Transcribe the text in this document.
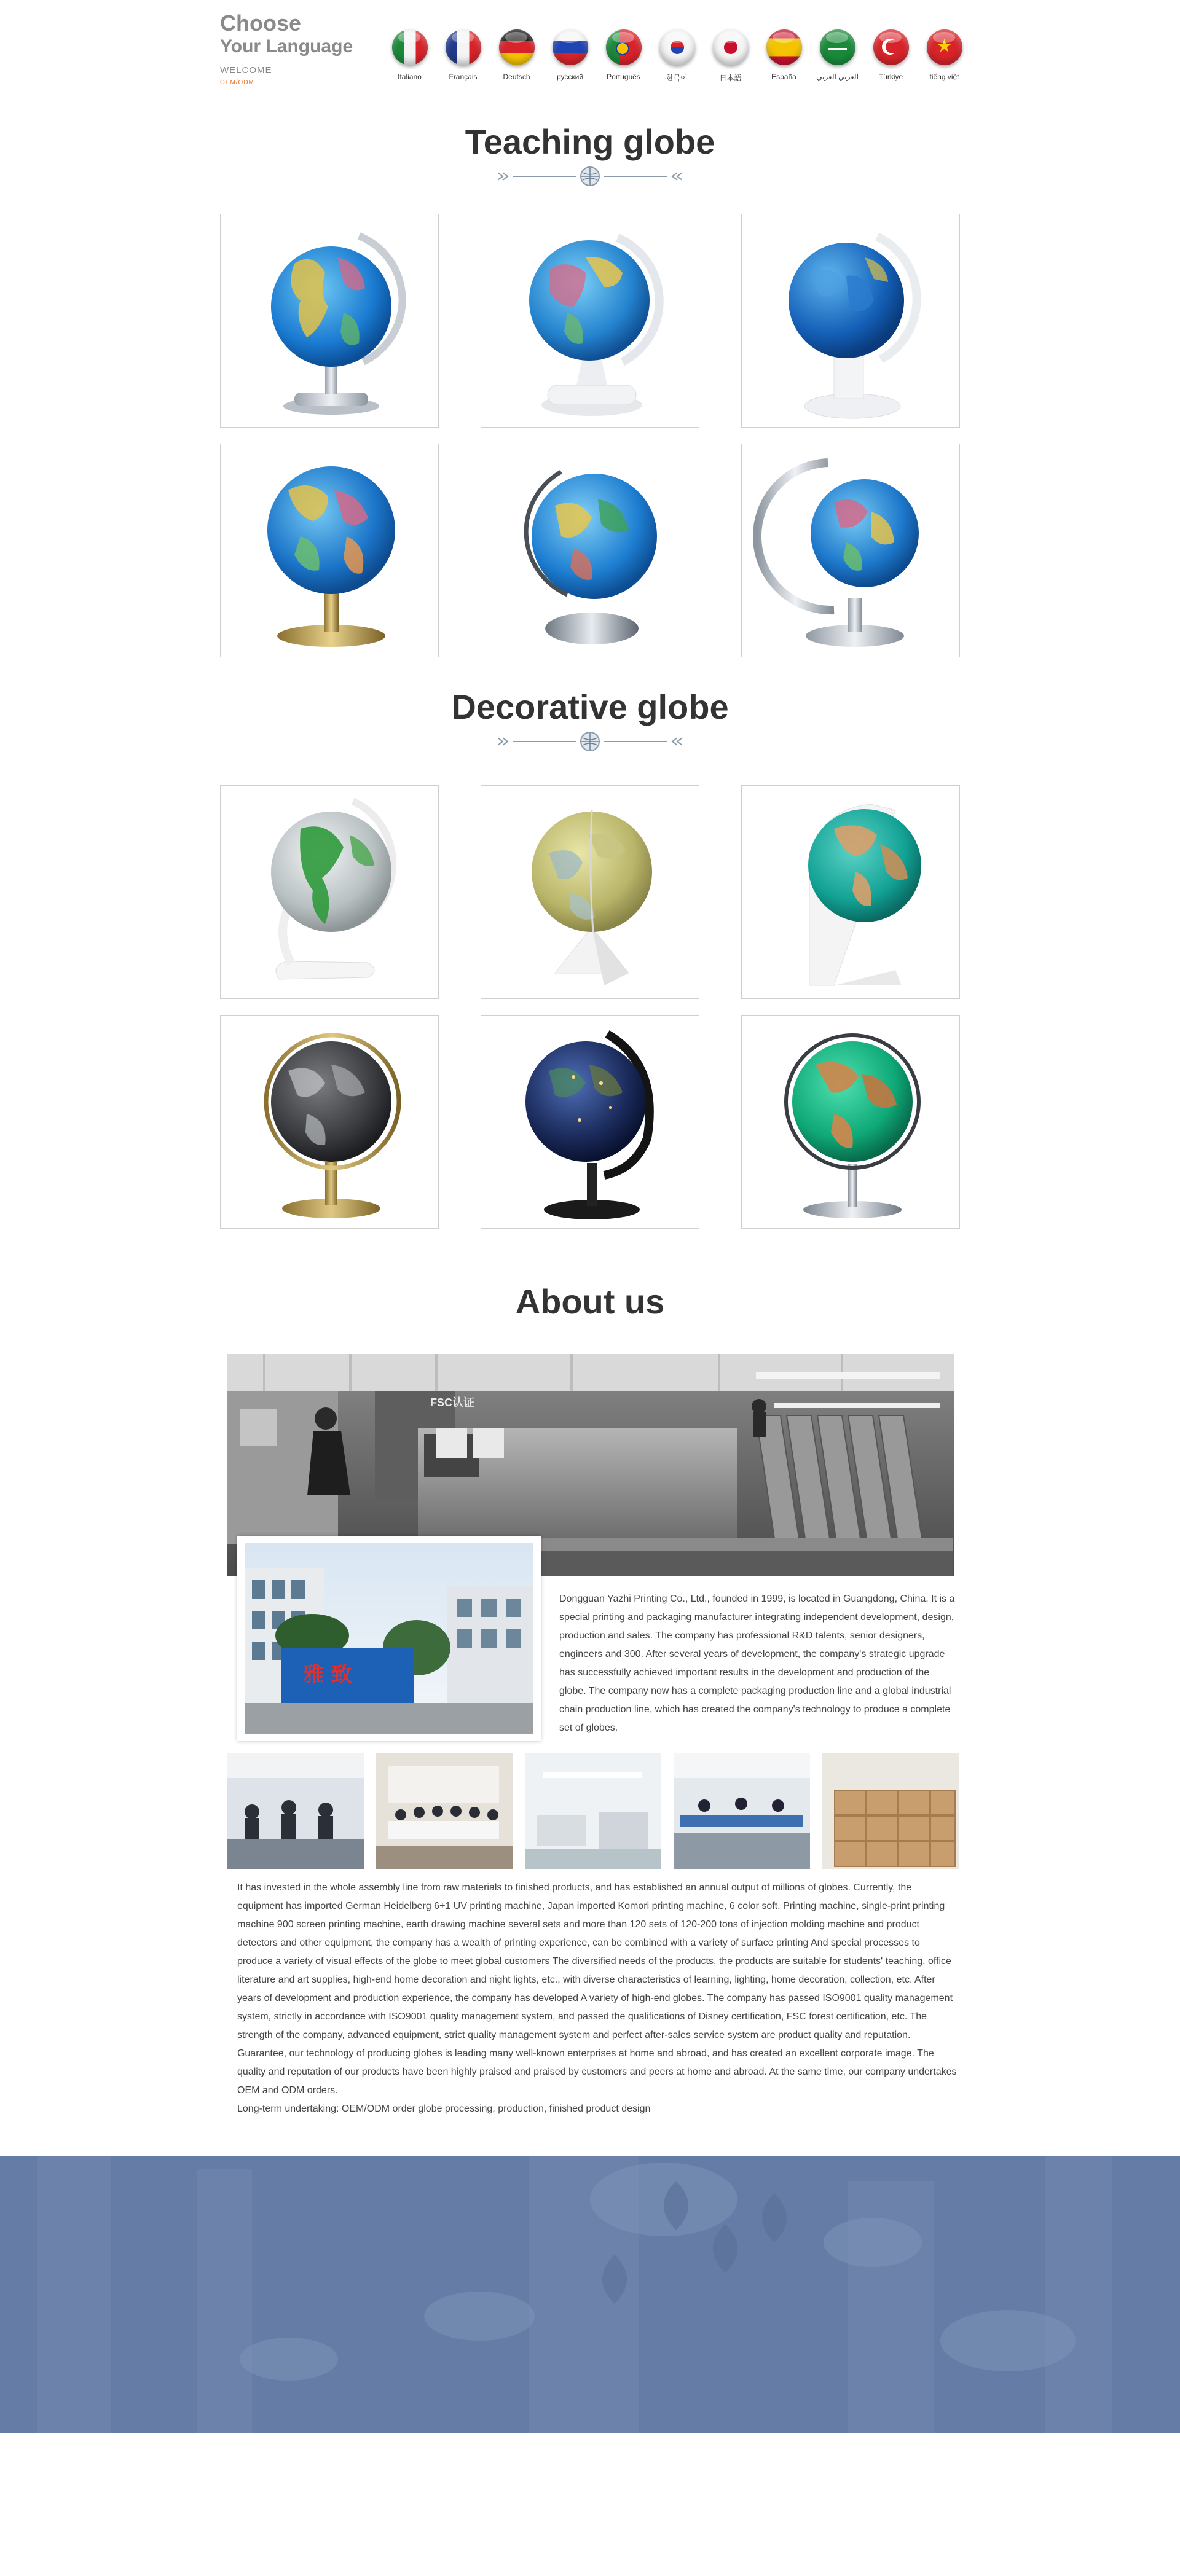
Choose
Your Language
WELCOME
OEM/ODM
Italiano	Français	Deutsch	русский	Português	한국어	日本語	España	العربي العربي	Türkiye	tiếng việt
Teaching globe
Decorative globe
About us
FSC认证
雅 致

Dongguan Yazhi Printing Co., Ltd., founded in 1999, is located in Guangdong, China. It is a special printing and packaging manufacturer integrating independent development, design, production and sales. The company has professional R&D talents, senior designers, engineers and 300. After several years of development, the company's strategic upgrade has successfully achieved important results in the development and production of the globe. The company now has a complete packaging production line and a global industrial chain production line, which has created the company's technology to produce a complete set of globes.

It has invested in the whole assembly line from raw materials to finished products, and has established an annual output of millions of globes. Currently, the equipment has imported German Heidelberg 6+1 UV printing machine, Japan imported Komori printing machine, 6 color soft. Printing machine, single-print printing machine 900 screen printing machine, earth drawing machine several sets and more than 120 sets of 120-200 tons of injection molding machine and product detectors and other equipment, the company has a wealth of printing experience, can be combined with a variety of surface printing And special processes to produce a variety of visual effects of the globe to meet global customers The diversified needs of the products, the products are suitable for students' teaching, office literature and art supplies, high-end home decoration and night lights, etc., with diverse characteristics of learning, lighting, home decoration, collection, etc. After years of development and production experience, the company has developed A variety of high-end globes. The company has passed ISO9001 quality management system, strictly in accordance with ISO9001 quality management system, and passed the qualifications of Disney certification, FSC forest certification, etc. The strength of the company, advanced equipment, strict quality management system and perfect after-sales service system are product quality and reputation. Guarantee, our technology of producing globes is leading many well-known enterprises at home and abroad, and has created an excellent corporate image. The quality and reputation of our products have been highly praised and praised by customers and peers at home and abroad. At the same time, our company undertakes OEM and ODM orders.

Long-term undertaking: OEM/ODM order globe processing, production, finished product design
